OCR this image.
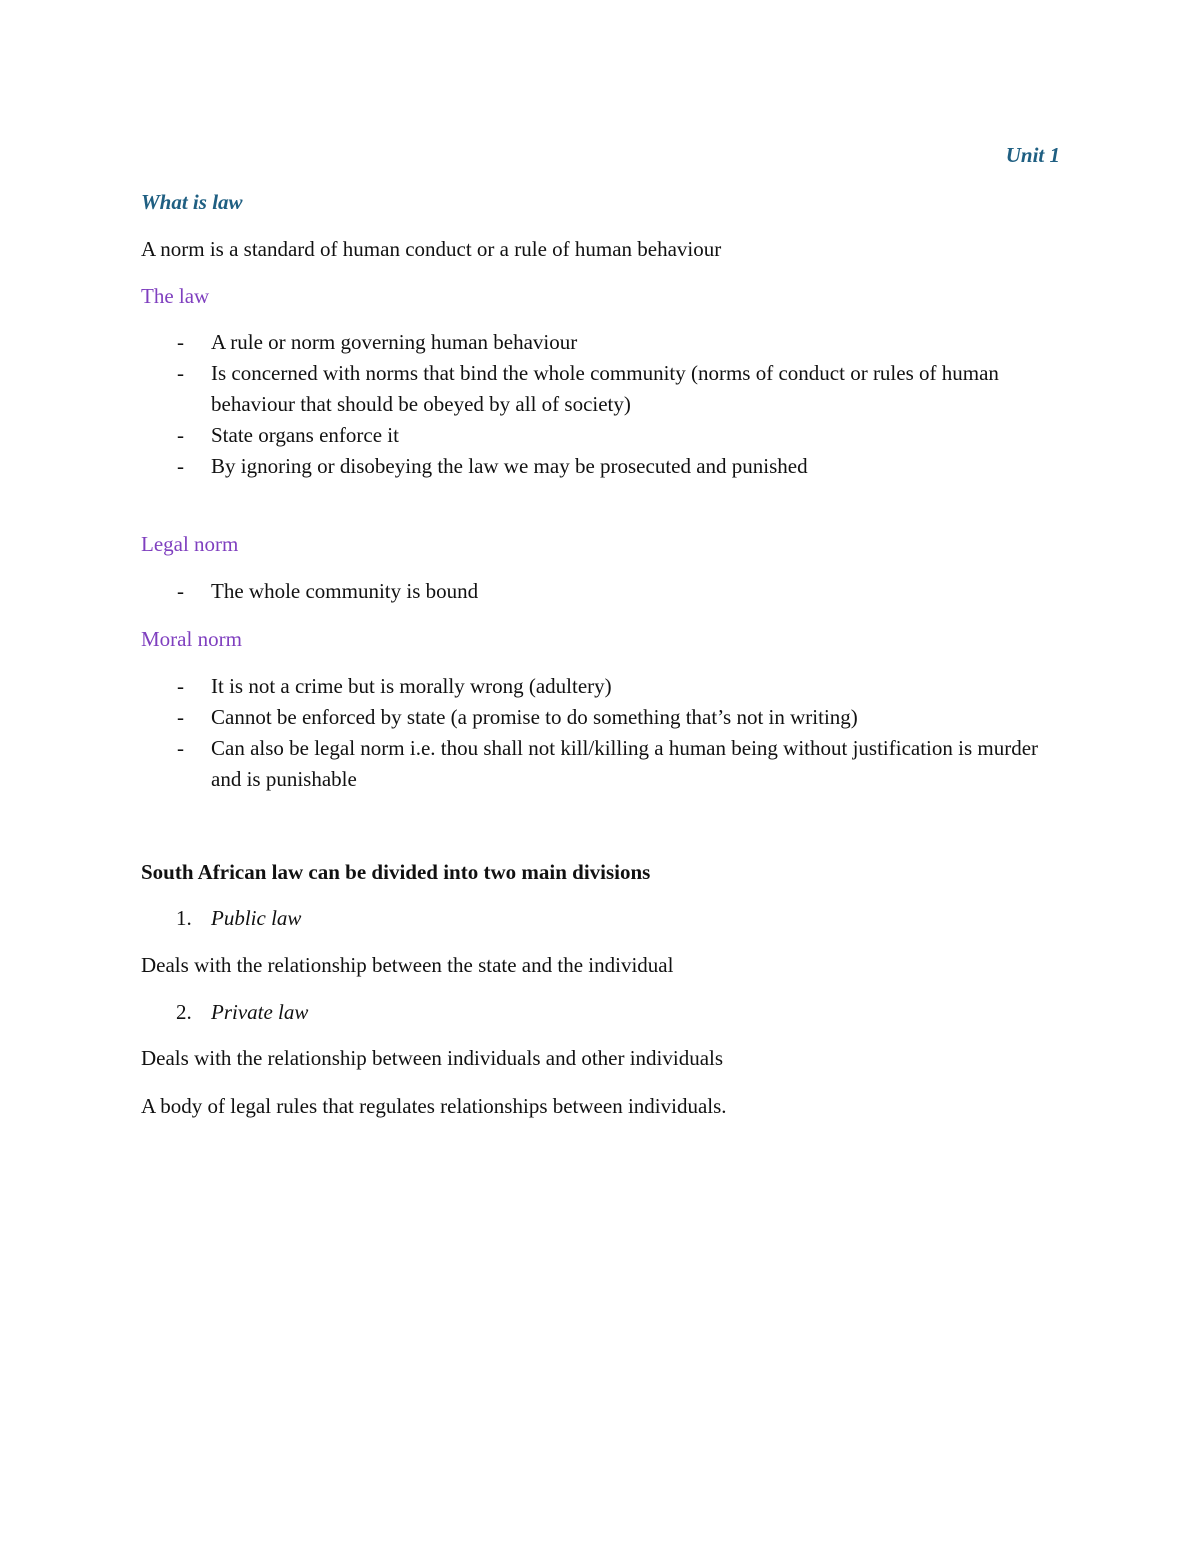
Unit 1
What is law
A norm is a standard of human conduct or a rule of human behaviour
The law
- A rule or norm governing human behaviour
- Is concerned with norms that bind the whole community (norms of conduct or rules of human behaviour that should be obeyed by all of society)
- State organs enforce it
- By ignoring or disobeying the law we may be prosecuted and punished
Legal norm
- The whole community is bound
Moral norm
- It is not a crime but is morally wrong (adultery)
- Cannot be enforced by state (a promise to do something that’s not in writing)
- Can also be legal norm i.e. thou shall not kill/killing a human being without justification is murder and is punishable
South African law can be divided into two main divisions
1. Public law
Deals with the relationship between the state and the individual
2. Private law
Deals with the relationship between individuals and other individuals
A body of legal rules that regulates relationships between individuals.
